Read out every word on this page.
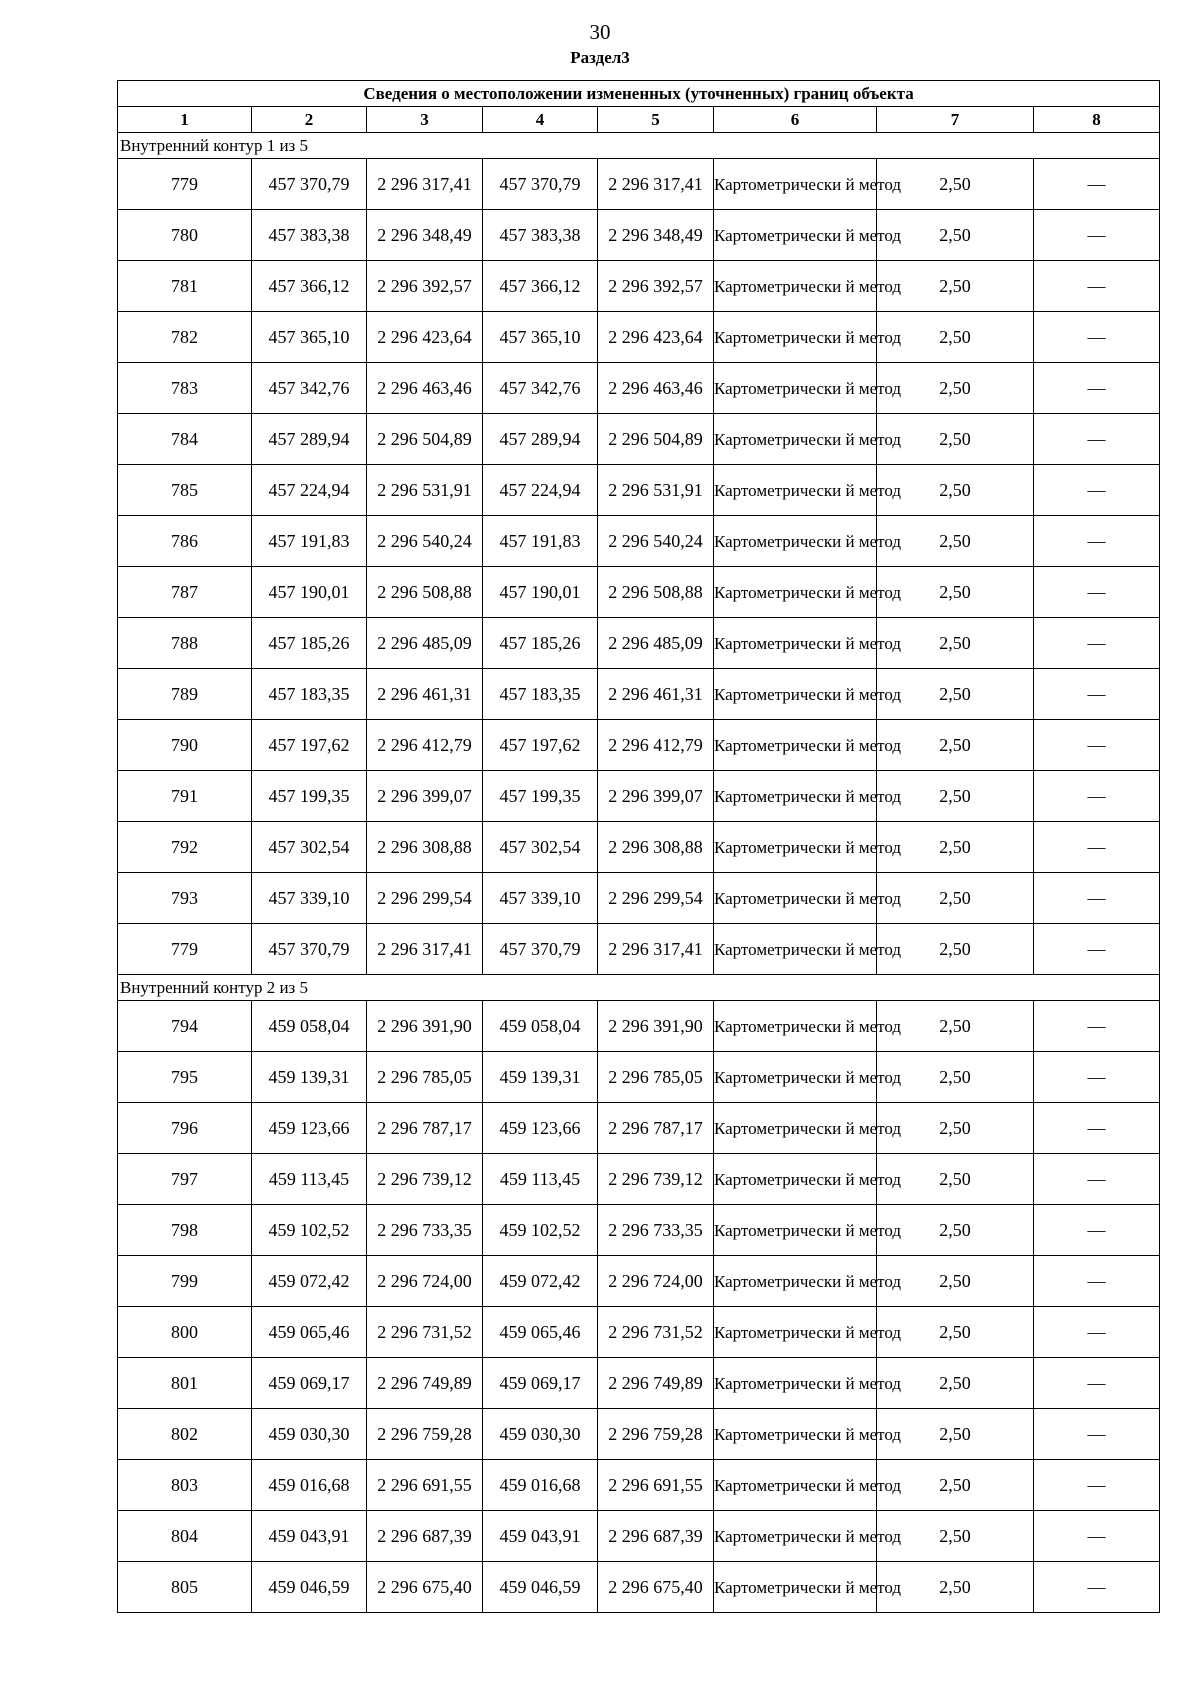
30
Раздел3
Сведения о местоположении измененных (уточненных) границ объекта							
1	2	3	4	5	6	7	8
Внутренний контур 1 из 5							
779	457 370,79	2 296 317,41	457 370,79	2 296 317,41	Картометрически й метод	2,50	—
780	457 383,38	2 296 348,49	457 383,38	2 296 348,49	Картометрически й метод	2,50	—
781	457 366,12	2 296 392,57	457 366,12	2 296 392,57	Картометрически й метод	2,50	—
782	457 365,10	2 296 423,64	457 365,10	2 296 423,64	Картометрически й метод	2,50	—
783	457 342,76	2 296 463,46	457 342,76	2 296 463,46	Картометрически й метод	2,50	—
784	457 289,94	2 296 504,89	457 289,94	2 296 504,89	Картометрически й метод	2,50	—
785	457 224,94	2 296 531,91	457 224,94	2 296 531,91	Картометрически й метод	2,50	—
786	457 191,83	2 296 540,24	457 191,83	2 296 540,24	Картометрически й метод	2,50	—
787	457 190,01	2 296 508,88	457 190,01	2 296 508,88	Картометрически й метод	2,50	—
788	457 185,26	2 296 485,09	457 185,26	2 296 485,09	Картометрически й метод	2,50	—
789	457 183,35	2 296 461,31	457 183,35	2 296 461,31	Картометрически й метод	2,50	—
790	457 197,62	2 296 412,79	457 197,62	2 296 412,79	Картометрически й метод	2,50	—
791	457 199,35	2 296 399,07	457 199,35	2 296 399,07	Картометрически й метод	2,50	—
792	457 302,54	2 296 308,88	457 302,54	2 296 308,88	Картометрически й метод	2,50	—
793	457 339,10	2 296 299,54	457 339,10	2 296 299,54	Картометрически й метод	2,50	—
779	457 370,79	2 296 317,41	457 370,79	2 296 317,41	Картометрически й метод	2,50	—
Внутренний контур 2 из 5							
794	459 058,04	2 296 391,90	459 058,04	2 296 391,90	Картометрически й метод	2,50	—
795	459 139,31	2 296 785,05	459 139,31	2 296 785,05	Картометрически й метод	2,50	—
796	459 123,66	2 296 787,17	459 123,66	2 296 787,17	Картометрически й метод	2,50	—
797	459 113,45	2 296 739,12	459 113,45	2 296 739,12	Картометрически й метод	2,50	—
798	459 102,52	2 296 733,35	459 102,52	2 296 733,35	Картометрически й метод	2,50	—
799	459 072,42	2 296 724,00	459 072,42	2 296 724,00	Картометрически й метод	2,50	—
800	459 065,46	2 296 731,52	459 065,46	2 296 731,52	Картометрически й метод	2,50	—
801	459 069,17	2 296 749,89	459 069,17	2 296 749,89	Картометрически й метод	2,50	—
802	459 030,30	2 296 759,28	459 030,30	2 296 759,28	Картометрически й метод	2,50	—
803	459 016,68	2 296 691,55	459 016,68	2 296 691,55	Картометрически й метод	2,50	—
804	459 043,91	2 296 687,39	459 043,91	2 296 687,39	Картометрически й метод	2,50	—
805	459 046,59	2 296 675,40	459 046,59	2 296 675,40	Картометрически й метод	2,50	—
